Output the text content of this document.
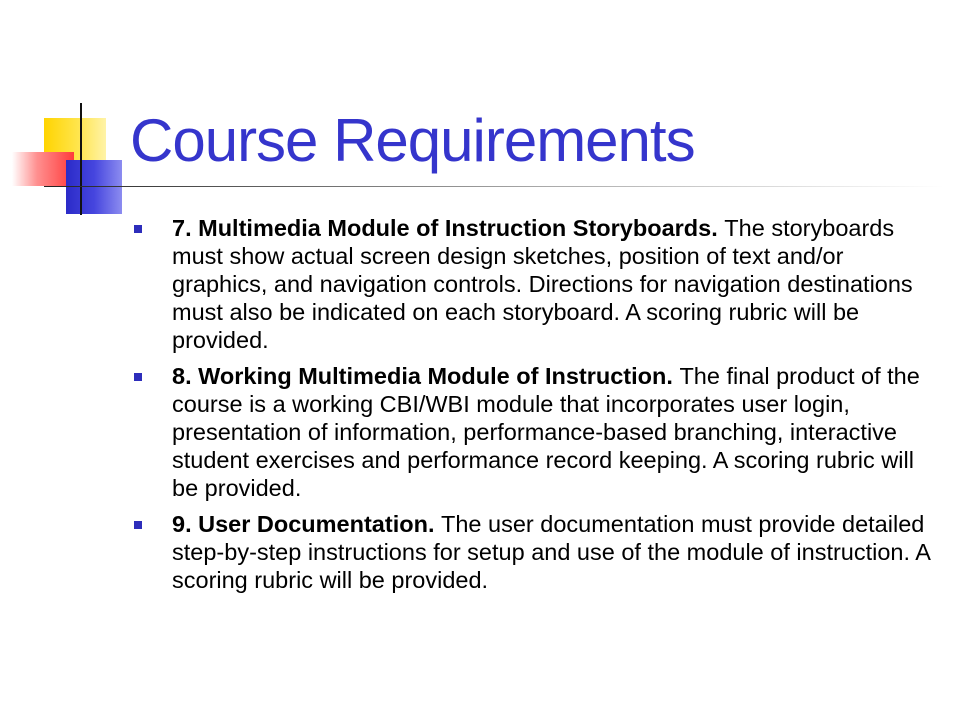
Course Requirements
7. Multimedia Module of Instruction Storyboards. The storyboards must show actual screen design sketches, position of text and/or graphics, and navigation controls. Directions for navigation destinations must also be indicated on each storyboard. A scoring rubric will be provided.
8. Working Multimedia Module of Instruction. The final product of the course is a working CBI/WBI module that incorporates user login, presentation of information, performance-based branching, interactive student exercises and performance record keeping. A scoring rubric will be provided.
9. User Documentation. The user documentation must provide detailed step-by-step instructions for setup and use of the module of instruction. A scoring rubric will be provided.
